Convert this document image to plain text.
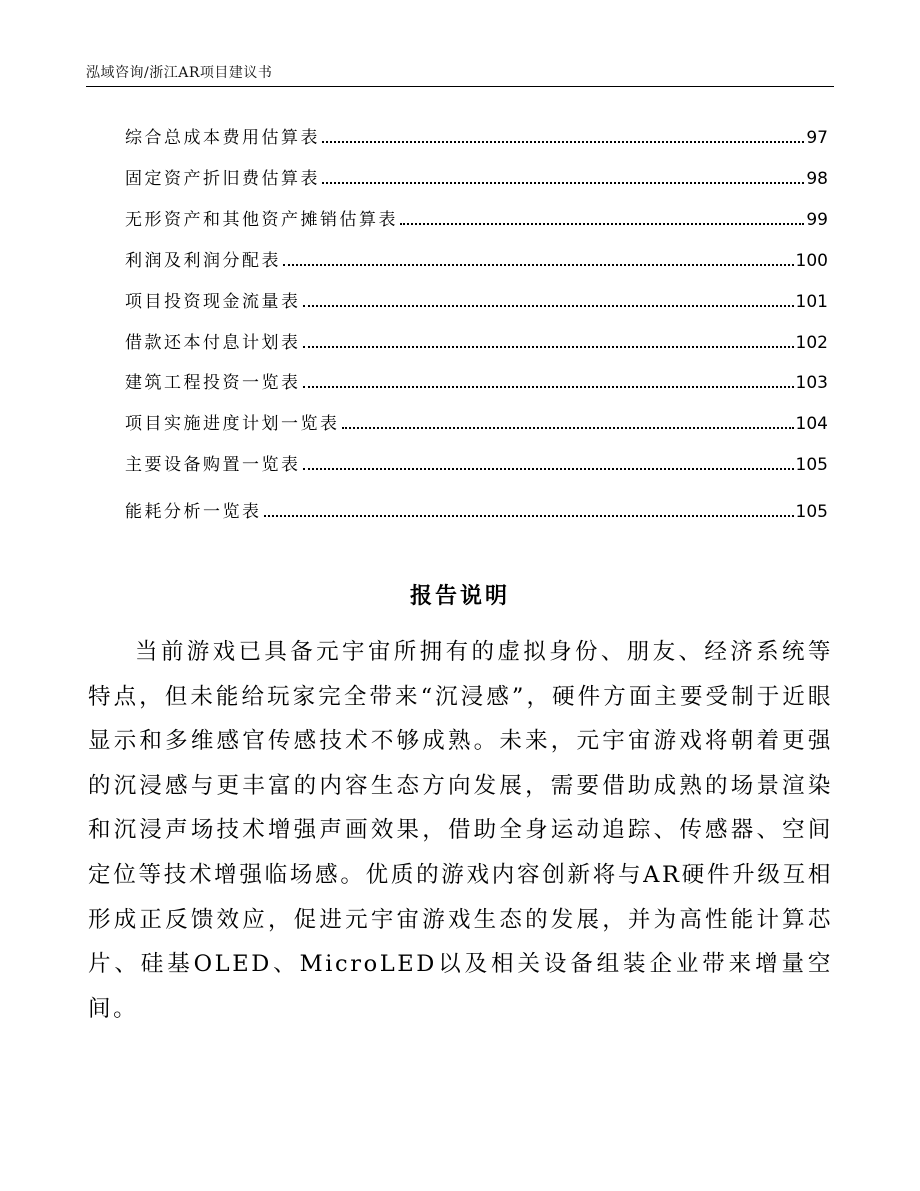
泓域咨询/浙江AR项目建议书
综合总成本费用估算表	97
固定资产折旧费估算表	98
无形资产和其他资产摊销估算表	99
利润及利润分配表	100
项目投资现金流量表	101
借款还本付息计划表	102
建筑工程投资一览表	103
项目实施进度计划一览表	104
主要设备购置一览表	105
能耗分析一览表	105
报告说明

当前游戏已具备元宇宙所拥有的虚拟身份、朋友、经济系统等特点，但未能给玩家完全带来“沉浸感”，硬件方面主要受制于近眼显示和多维感官传感技术不够成熟。未来，元宇宙游戏将朝着更强的沉浸感与更丰富的内容生态方向发展，需要借助成熟的场景渲染和沉浸声场技术增强声画效果，借助全身运动追踪、传感器、空间定位等技术增强临场感。优质的游戏内容创新将与AR硬件升级互相形成正反馈效应，促进元宇宙游戏生态的发展，并为高性能计算芯片、硅基OLED、MicroLED以及相关设备组装企业带来增量空间。
